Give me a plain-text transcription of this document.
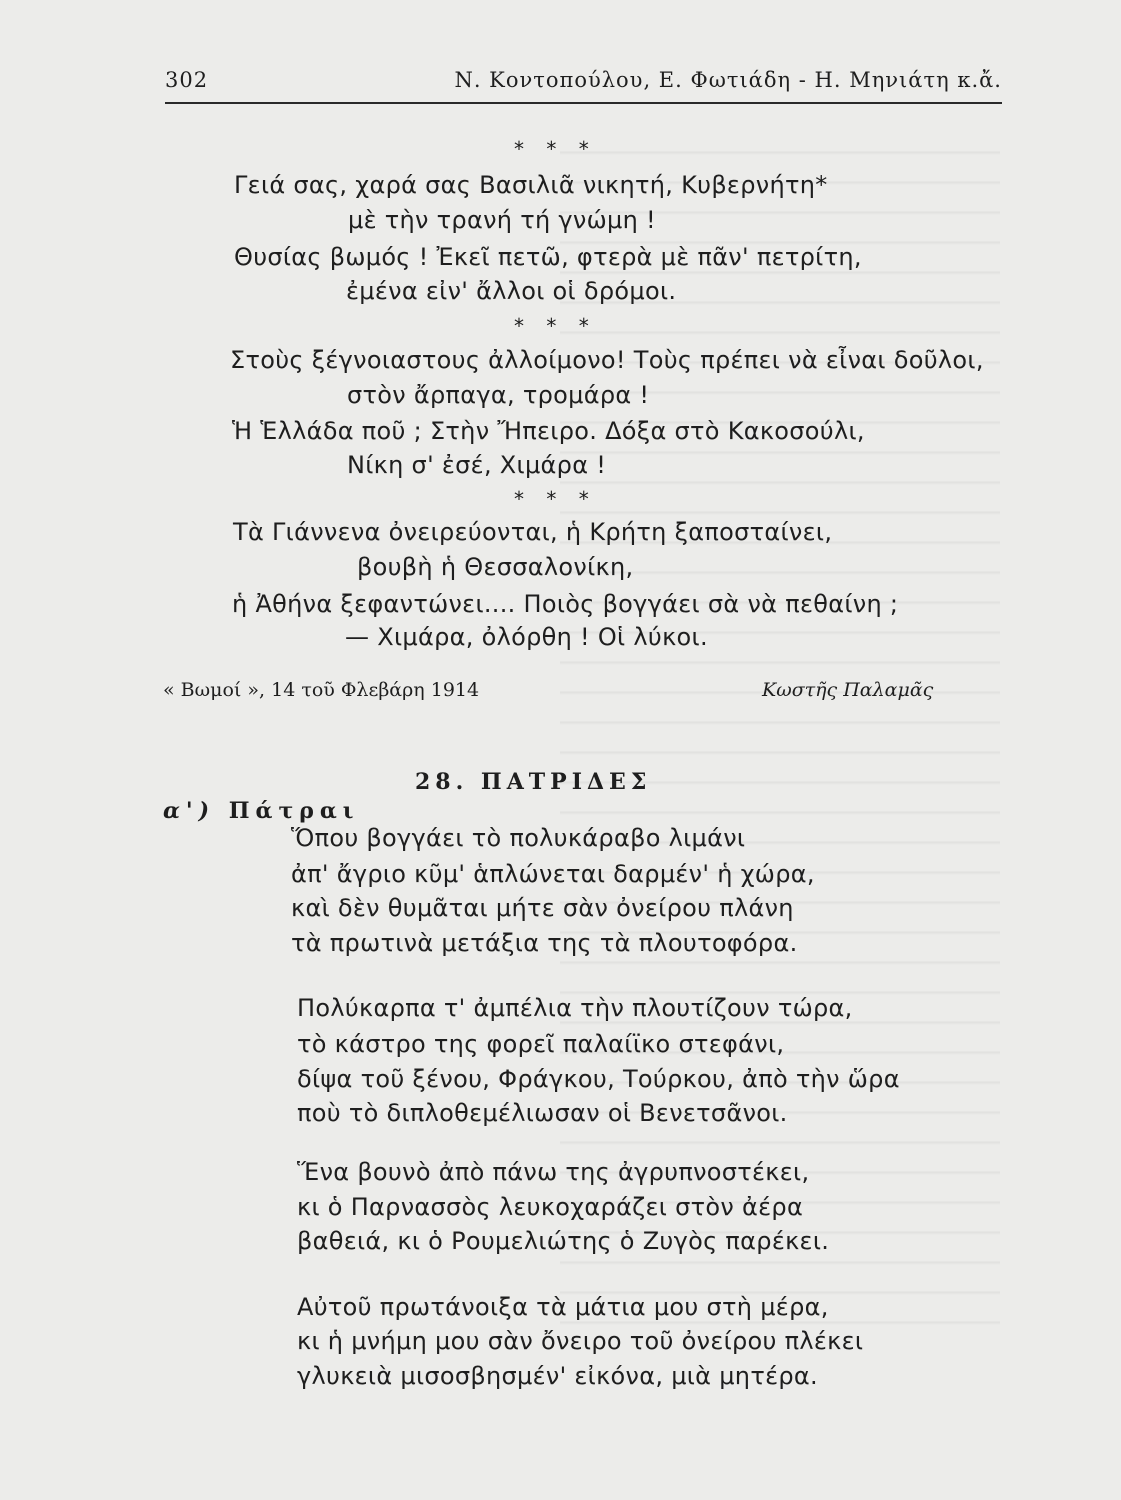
302	Ν. Κοντοπούλου, Ε. Φωτιάδη - Η. Μηνιάτη κ.ἄ.
* * *
Γειά σας, χαρά σας Βασιλιᾶ νικητή, Κυβερνήτη*
μὲ τὴν τρανή τή γνώμη !
Θυσίας βωμός ! Ἐκεῖ πετῶ, φτερὰ μὲ πᾶν' πετρίτη,
ἐμένα εἰν' ἄλλοι οἱ δρόμοι.
* * *
Στοὺς ξέγνοιαστους ἀλλοίμονο! Τοὺς πρέπει νὰ εἶναι δοῦλοι,
στὸν ἄρπαγα, τρομάρα !
Ἡ Ἑλλάδα ποῦ ; Στὴν Ἤπειρο. Δόξα στὸ Κακοσούλι,
Νίκη σ' ἐσέ, Χιμάρα !
* * *
Τὰ Γιάννενα ὀνειρεύονται, ἡ Κρήτη ξαποσταίνει,
βουβὴ ἡ Θεσσαλονίκη,
ἡ Ἀθήνα ξεφαντώνει.... Ποιὸς βογγάει σὰ νὰ πεθαίνη ;
— Χιμάρα, ὀλόρθη ! Οἱ λύκοι.
« Βωμοί », 14 τοῦ Φλεβάρη 1914	Κωστῆς Παλαμᾶς
28. ΠΑΤΡΙΔΕΣ
α') Πάτραι
Ὅπου βογγάει τὸ πολυκάραβο λιμάνι
ἀπ' ἄγριο κῦμ' ἁπλώνεται δαρμέν' ἡ χώρα,
καὶ δὲν θυμᾶται μήτε σὰν ὀνείρου πλάνη
τὰ πρωτινὰ μετάξια της τὰ πλουτοφόρα.
Πολύκαρπα τ' ἀμπέλια τὴν πλουτίζουν τώρα,
τὸ κάστρο της φορεῖ παλαίϊκο στεφάνι,
δίψα τοῦ ξένου, Φράγκου, Τούρκου, ἀπὸ τὴν ὥρα
ποὺ τὸ διπλοθεμέλιωσαν οἱ Βενετσᾶνοι.
Ἕνα βουνὸ ἀπὸ πάνω της ἀγρυπνοστέκει,
κι ὁ Παρνασσὸς λευκοχαράζει στὸν ἀέρα
βαθειά, κι ὁ Ρουμελιώτης ὁ Ζυγὸς παρέκει.
Αὐτοῦ πρωτάνοιξα τὰ μάτια μου στὴ μέρα,
κι ἡ μνήμη μου σὰν ὄνειρο τοῦ ὀνείρου πλέκει
γλυκειὰ μισοσβησμέν' εἰκόνα, μιὰ μητέρα.
